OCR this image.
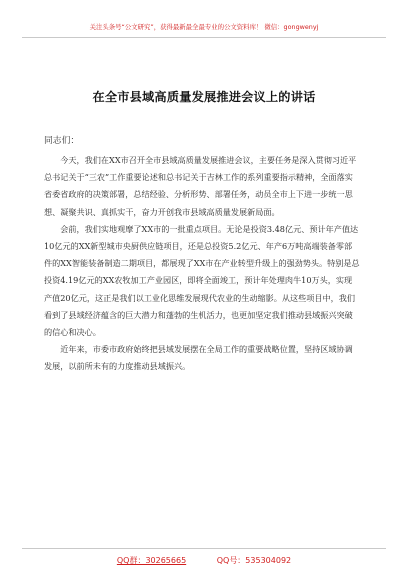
关注头条号“公文研究”，获得最新最全最专业的公文资料库！ 微信：gongwenyj
在全市县域高质量发展推进会议上的讲话
同志们：

今天，我们在XX市召开全市县域高质量发展推进会议，主要任务是深入贯彻习近平总书记关于“三农”工作重要论述和总书记关于吉林工作的系列重要指示精神，全面落实省委省政府的决策部署，总结经验、分析形势、部署任务，动员全市上下进一步统一思想、凝聚共识、真抓实干，奋力开创我市县域高质量发展新局面。

会前，我们实地观摩了XX市的一批重点项目。无论是投资3.48亿元、预计年产值达10亿元的XX新型城市央厨供应链项目，还是总投资5.2亿元、年产6万吨高端装备零部件的XX智能装备制造二期项目，都展现了XX市在产业转型升级上的强劲势头。特别是总投资4.19亿元的XX农牧加工产业园区，即将全面竣工，预计年处理肉牛10万头，实现产值20亿元，这正是我们以工业化思维发展现代农业的生动缩影。从这些项目中，我们看到了县域经济蕴含的巨大潜力和蓬勃的生机活力，也更加坚定我们推动县域振兴突破的信心和决心。

近年来，市委市政府始终把县域发展摆在全局工作的重要战略位置，坚持区域协调发展，以前所未有的力度推动县域振兴。

QQ群：30265665	QQ号：535304092
